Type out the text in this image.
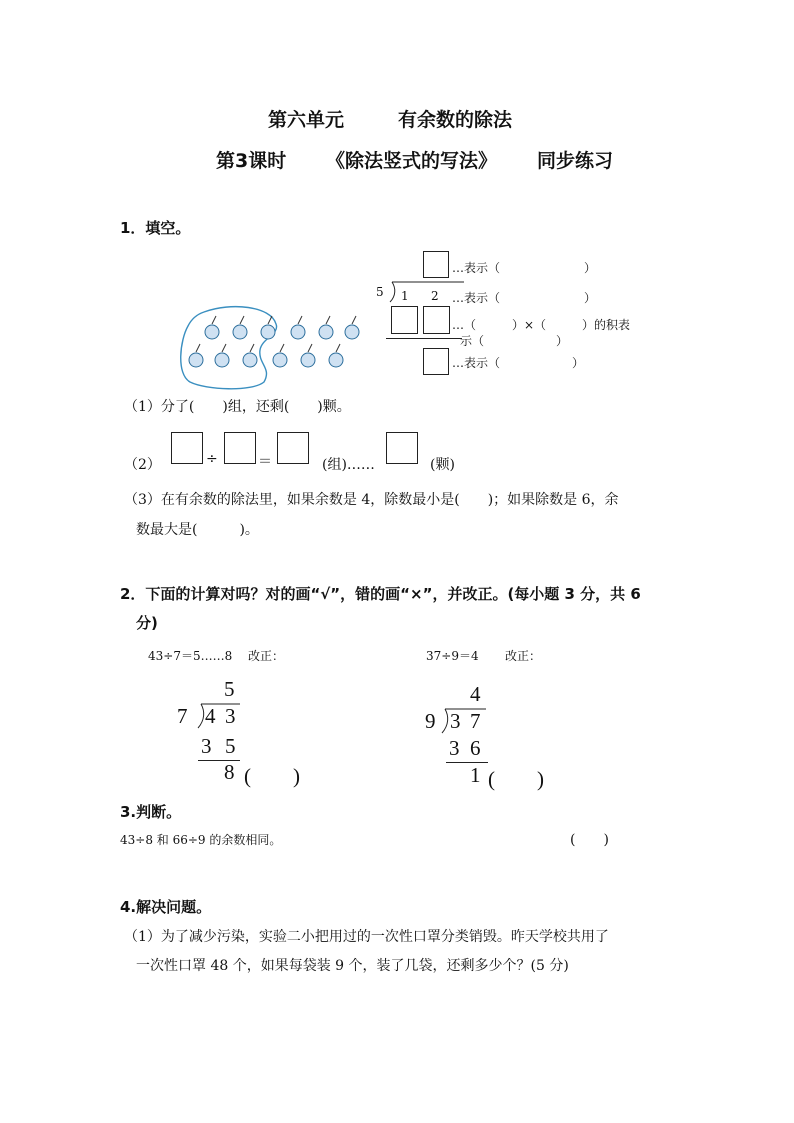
第六单元	有余数的除法
第3课时 《除法竖式的写法》 同步练习
1．填空。
…表示（　　　　　　　）
5 1 2 …表示（　　　　　　　）
…（　　　）×（　　　）的积表
示（　　　　　　）
…表示（　　　　　　）
（1）分了(　　)组，还剩(　　)颗。
（2）	÷	＝	(组)……	(颗)
（3）在有余数的除法里，如果余数是 4，除数最小是(　　)；如果除数是 6，余
数最大是(　　　)。
2．下面的计算对吗？对的画“√”，错的画“×”，并改正。(每小题 3 分，共 6
分)
43÷7＝5……8 改正：	37÷9＝4 改正：
5
7 4 3
3 5
8 (　　)
4
9 3 7
3 6
1 (　　)
3.判断。
43÷8 和 66÷9 的余数相同。	(　　)
4.解决问题。
（1）为了减少污染，实验二小把用过的一次性口罩分类销毁。昨天学校共用了
一次性口罩 48 个，如果每袋装 9 个，装了几袋，还剩多少个？(5 分)
